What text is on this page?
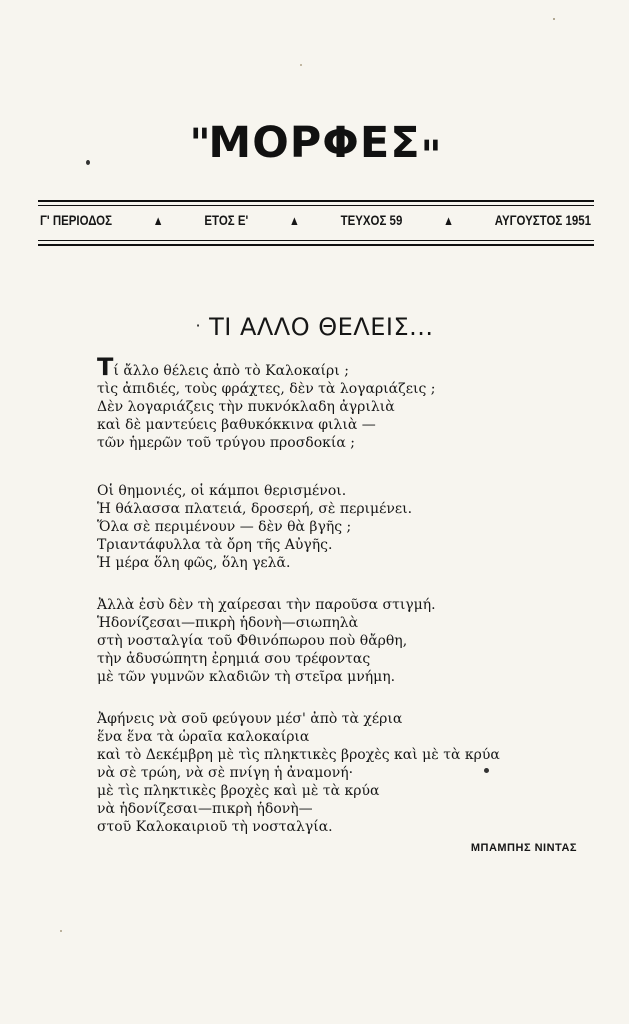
"ΜΟΡΦΕΣ"
Γ' ΠΕΡΙΟΔΟΣ	▲	ΕΤΟΣ Ε'	▲	ΤΕΥΧΟΣ 59	▲	ΑΥΓΟΥΣΤΟΣ 1951
· ΤΙ ΑΛΛΟ ΘΕΛΕΙΣ...
Τί ἄλλο θέλεις ἀπὸ τὸ Καλοκαίρι ;
τὶς ἀπιδιές, τοὺς φράχτες, δὲν τὰ λογαριάζεις ;
Δὲν λογαριάζεις τὴν πυκνόκλαδη ἀγριλιὰ
καὶ δὲ μαντεύεις βαθυκόκκινα φιλιὰ —
τῶν ἡμερῶν τοῦ τρύγου προσδοκία ;
Οἱ θημονιές, οἱ κάμποι θερισμένοι.
Ἡ θάλασσα πλατειά, δροσερή, σὲ περιμένει.
Ὅλα σὲ περιμένουν — δὲν θὰ βγῆς ;
Τριαντάφυλλα τὰ ὄρη τῆς Αὐγῆς.
Ἡ μέρα ὅλη φῶς, ὅλη γελᾶ.
Ἀλλὰ ἐσὺ δὲν τὴ χαίρεσαι τὴν παροῦσα στιγμή.
Ἡδονίζεσαι—πικρὴ ἡδονὴ—σιωπηλὰ
στὴ νοσταλγία τοῦ Φθινόπωρου ποὺ θἄρθη,
τὴν ἀδυσώπητη ἐρημιά σου τρέφοντας
μὲ τῶν γυμνῶν κλαδιῶν τὴ στεῖρα μνήμη.
Ἀφήνεις νὰ σοῦ φεύγουν μέσ' ἀπὸ τὰ χέρια
ἕνα ἕνα τὰ ὡραῖα καλοκαίρια
καὶ τὸ Δεκέμβρη μὲ τὶς πληκτικὲς βροχὲς καὶ μὲ τὰ κρύα
νὰ σὲ τρώη, νὰ σὲ πνίγη ἡ ἀναμονή·
μὲ τὶς πληκτικὲς βροχὲς καὶ μὲ τὰ κρύα
νὰ ἡδονίζεσαι—πικρὴ ἡδονὴ—
στοῦ Καλοκαιριοῦ τὴ νοσταλγία.
ΜΠΑΜΠΗΣ ΝΙΝΤΑΣ
